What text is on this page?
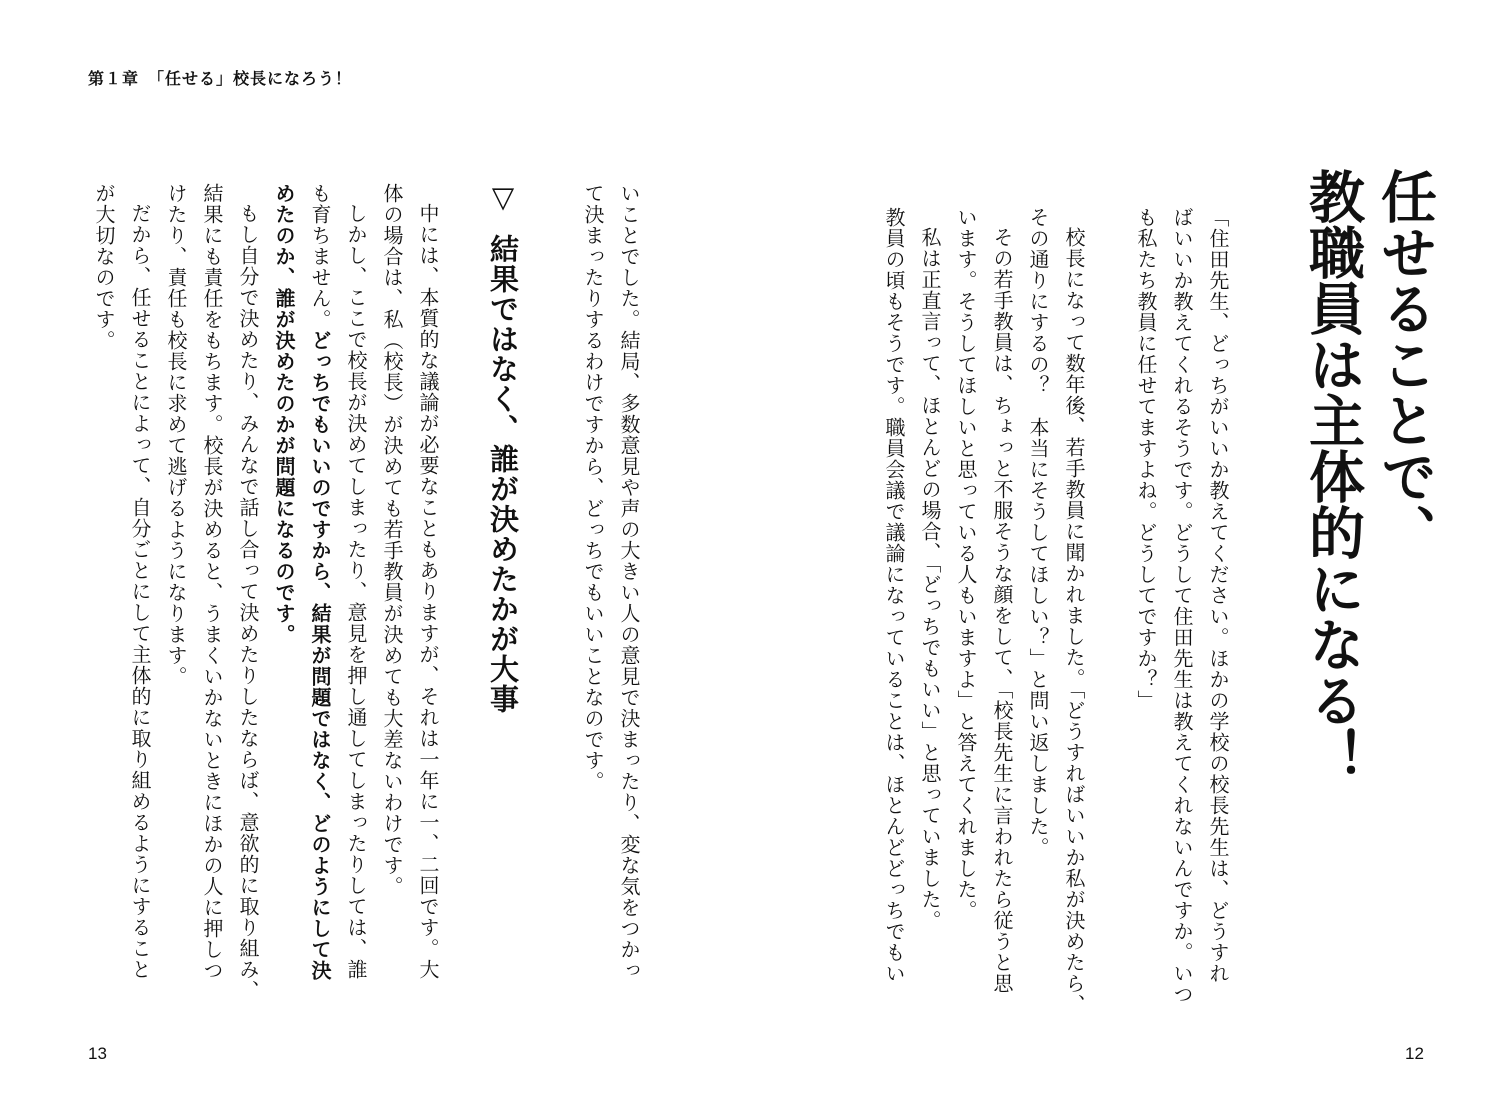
第１章　「任せる」校長になろう！
任せることで、
教職員は主体的になる！

「住田先生、どっちがいいか教えてください。ほかの学校の校長先生は、どうすれ
ばいいか教えてくれるそうです。どうして住田先生は教えてくれないんですか。いつ
も私たち教員に任せてますよね。どうしてですか？」

校長になって数年後、若手教員に聞かれました。「どうすればいいか私が決めたら、
その通りにするの？　本当にそうしてほしい？」と問い返しました。
その若手教員は、ちょっと不服そうな顔をして、「校長先生に言われたら従うと思
います。そうしてほしいと思っている人もいますよ」と答えてくれました。
私は正直言って、ほとんどの場合、「どっちでもいい」と思っていました。
教員の頃もそうです。職員会議で議論になっていることは、ほとんどどっちでもい

いことでした。結局、多数意見や声の大きい人の意見で決まったり、変な気をつかっ
て決まったりするわけですから、どっちでもいいことなのです。

▽ 結果ではなく、誰が決めたかが大事

中には、本質的な議論が必要なこともありますが、それは一年に一、二回です。大
体の場合は、私（校長）が決めても若手教員が決めても大差ないわけです。
しかし、ここで校長が決めてしまったり、意見を押し通してしまったりしては、誰
も育ちません。どっちでもいいのですから、結果が問題ではなく、どのようにして決
めたのか、誰が決めたのかが問題になるのです。
もし自分で決めたり、みんなで話し合って決めたりしたならば、意欲的に取り組み、
結果にも責任をもちます。校長が決めると、うまくいかないときにほかの人に押しつ
けたり、責任も校長に求めて逃げるようになります。
だから、任せることによって、自分ごとにして主体的に取り組めるようにすること
が大切なのです。

13	12
